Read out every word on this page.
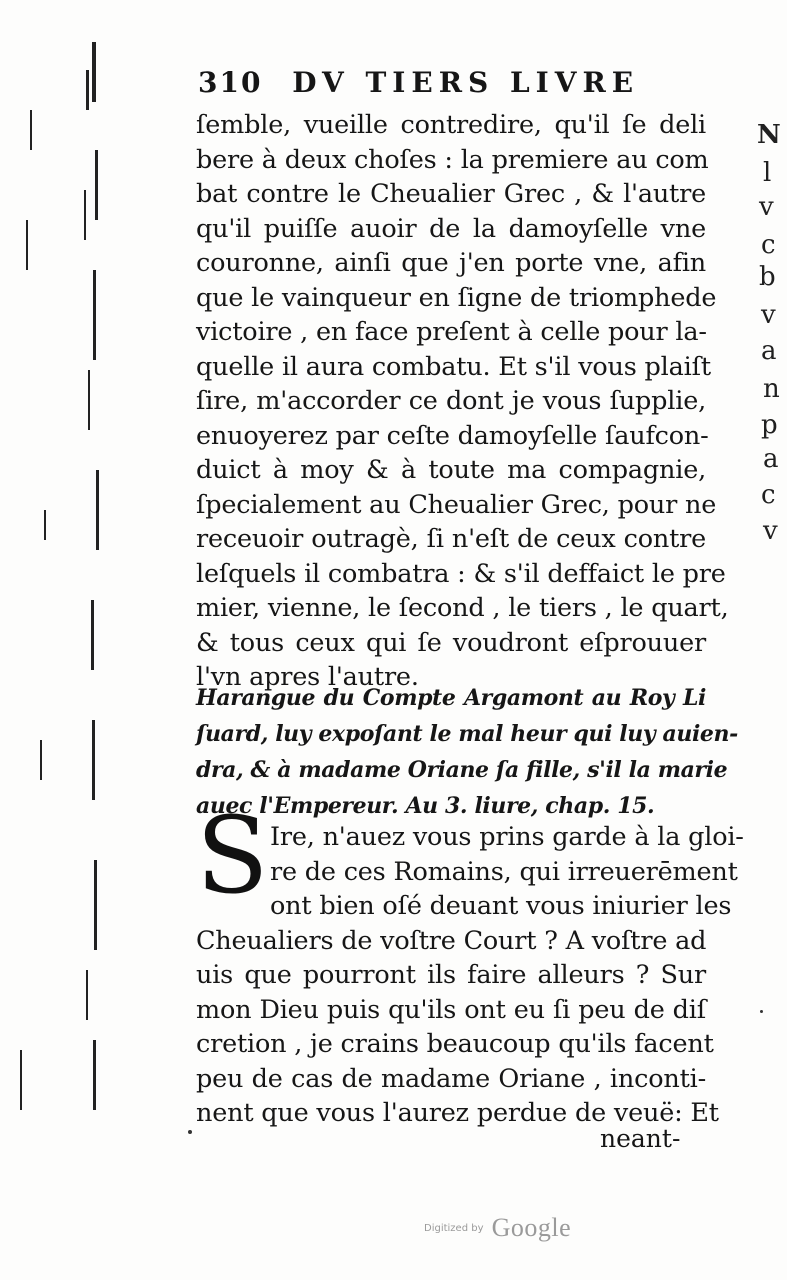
N
l
v
c
b
v
a
n
p
a
c
v
310 DV TIERS LIVRE
ſemble, vueille contredire, qu'il ſe deli
bere à deux choſes : la premiere au com
bat contre le Cheualier Grec , & l'autre
qu'il puiſſe auoir de la damoyſelle vne
couronne, ainſi que j'en porte vne, afin
que le vainqueur en ſigne de triomphede
victoire , en face preſent à celle pour la-
quelle il aura combatu. Et s'il vous plaiſt
ſire, m'accorder ce dont je vous ſupplie,
enuoyerez par ceſte damoyſelle ſaufcon-
duict à moy & à toute ma compagnie,
ſpecialement au Cheualier Grec, pour ne
receuoir outragè, ſi n'eſt de ceux contre
leſquels il combatra : & s'il deffaict le pre
mier, vienne, le ſecond , le tiers , le quart,
& tous ceux qui ſe voudront eſprouuer
l'vn apres l'autre.
Harangue du Compte Argamont au Roy Li
ſuard, luy expoſant le mal heur qui luy auien-
dra, & à madame Oriane ſa fille, s'il la marie
auec l'Empereur. Au 3. liure, chap. 15.
S Ire, n'auez vous prins garde à la gloi-
re de ces Romains, qui irreuerēment
ont bien oſé deuant vous iniurier les
Cheualiers de voſtre Court ? A voſtre ad
uis que pourront ils faire alleurs ? Sur
mon Dieu puis qu'ils ont eu ſi peu de diſ
cretion , je crains beaucoup qu'ils facent
peu de cas de madame Oriane , inconti-
nent que vous l'aurez perdue de veuë: Et
neant-
Digitized by Google
